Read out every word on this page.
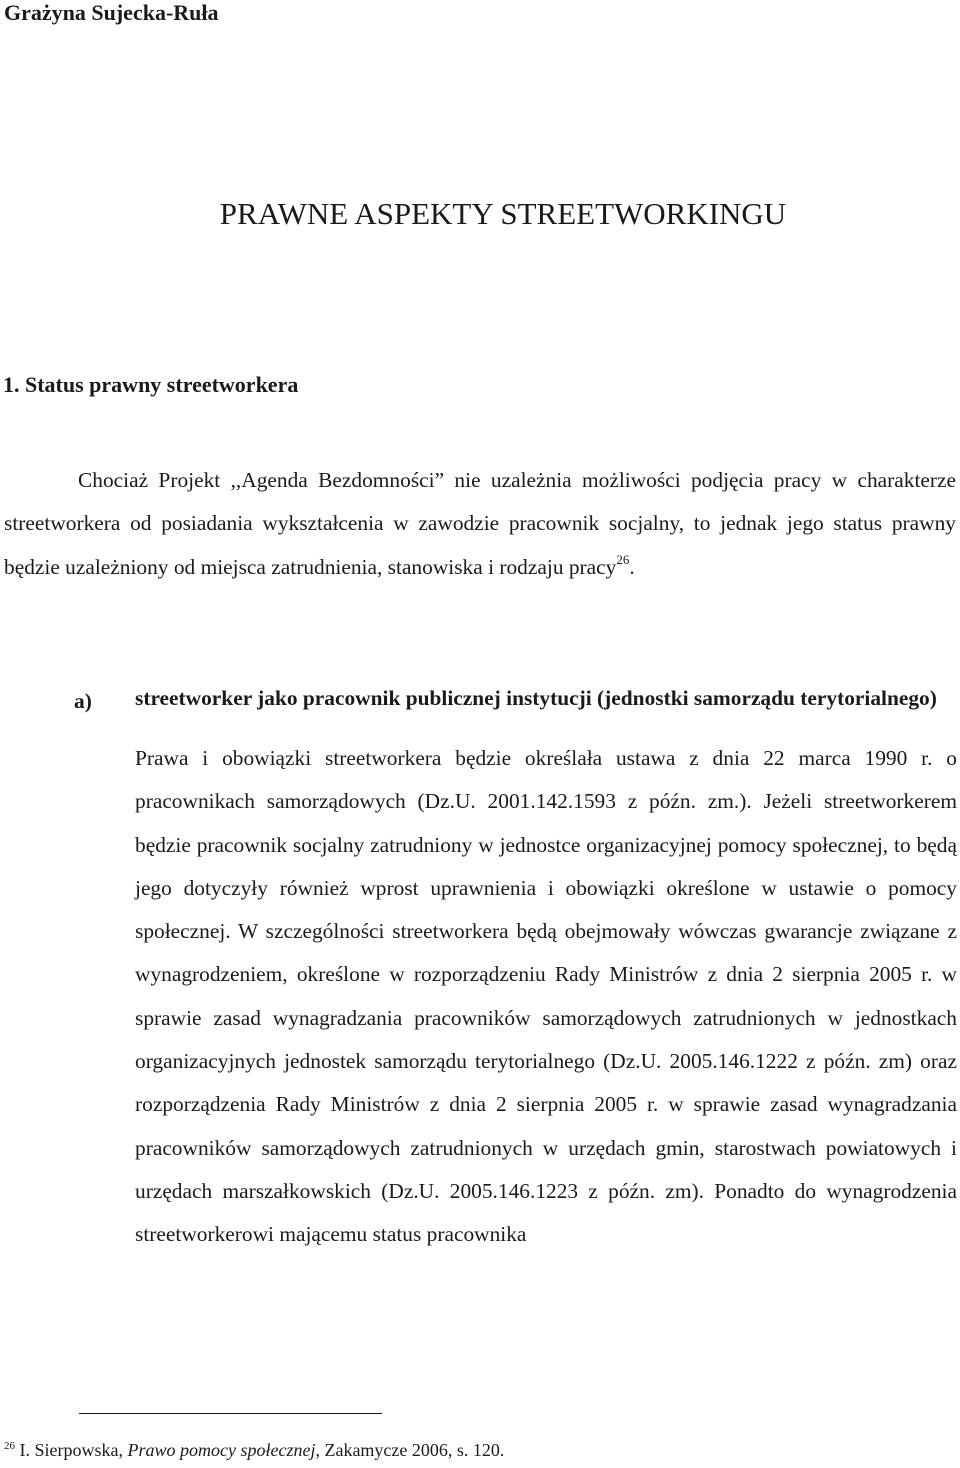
Grażyna Sujecka-Ruła
PRAWNE ASPEKTY STREETWORKINGU
1. Status prawny streetworkera

Chociaż Projekt ,,Agenda Bezdomności” nie uzależnia możliwości podjęcia pracy w charakterze streetworkera od posiadania wykształcenia w zawodzie pracownik socjalny, to jednak jego status prawny będzie uzależniony od miejsca zatrudnienia, stanowiska i rodzaju pracy$^{26}$.

a) streetworker jako pracownik publicznej instytucji (jednostki samorządu terytorialnego)

Prawa i obowiązki streetworkera będzie określała ustawa z dnia 22 marca 1990 r. o pracownikach samorządowych (Dz.U. 2001.142.1593 z późn. zm.). Jeżeli streetworkerem będzie pracownik socjalny zatrudniony w jednostce organizacyjnej pomocy społecznej, to będą jego dotyczyły również wprost uprawnienia i obowiązki określone w ustawie o pomocy społecznej. W szczególności streetworkera będą obejmowały wówczas gwarancje związane z wynagrodzeniem, określone w rozporządzeniu Rady Ministrów z dnia 2 sierpnia 2005 r. w sprawie zasad wynagradzania pracowników samorządowych zatrudnionych w jednostkach organizacyjnych jednostek samorządu terytorialnego (Dz.U. 2005.146.1222 z późn. zm) oraz rozporządzenia Rady Ministrów z dnia 2 sierpnia 2005 r. w sprawie zasad wynagradzania pracowników samorządowych zatrudnionych w urzędach gmin, starostwach powiatowych i urzędach marszałkowskich (Dz.U. 2005.146.1223 z późn. zm). Ponadto do wynagrodzenia streetworkerowi mającemu status pracownika

$^{26}$ I. Sierpowska, Prawo pomocy społecznej, Zakamycze 2006, s. 120.
